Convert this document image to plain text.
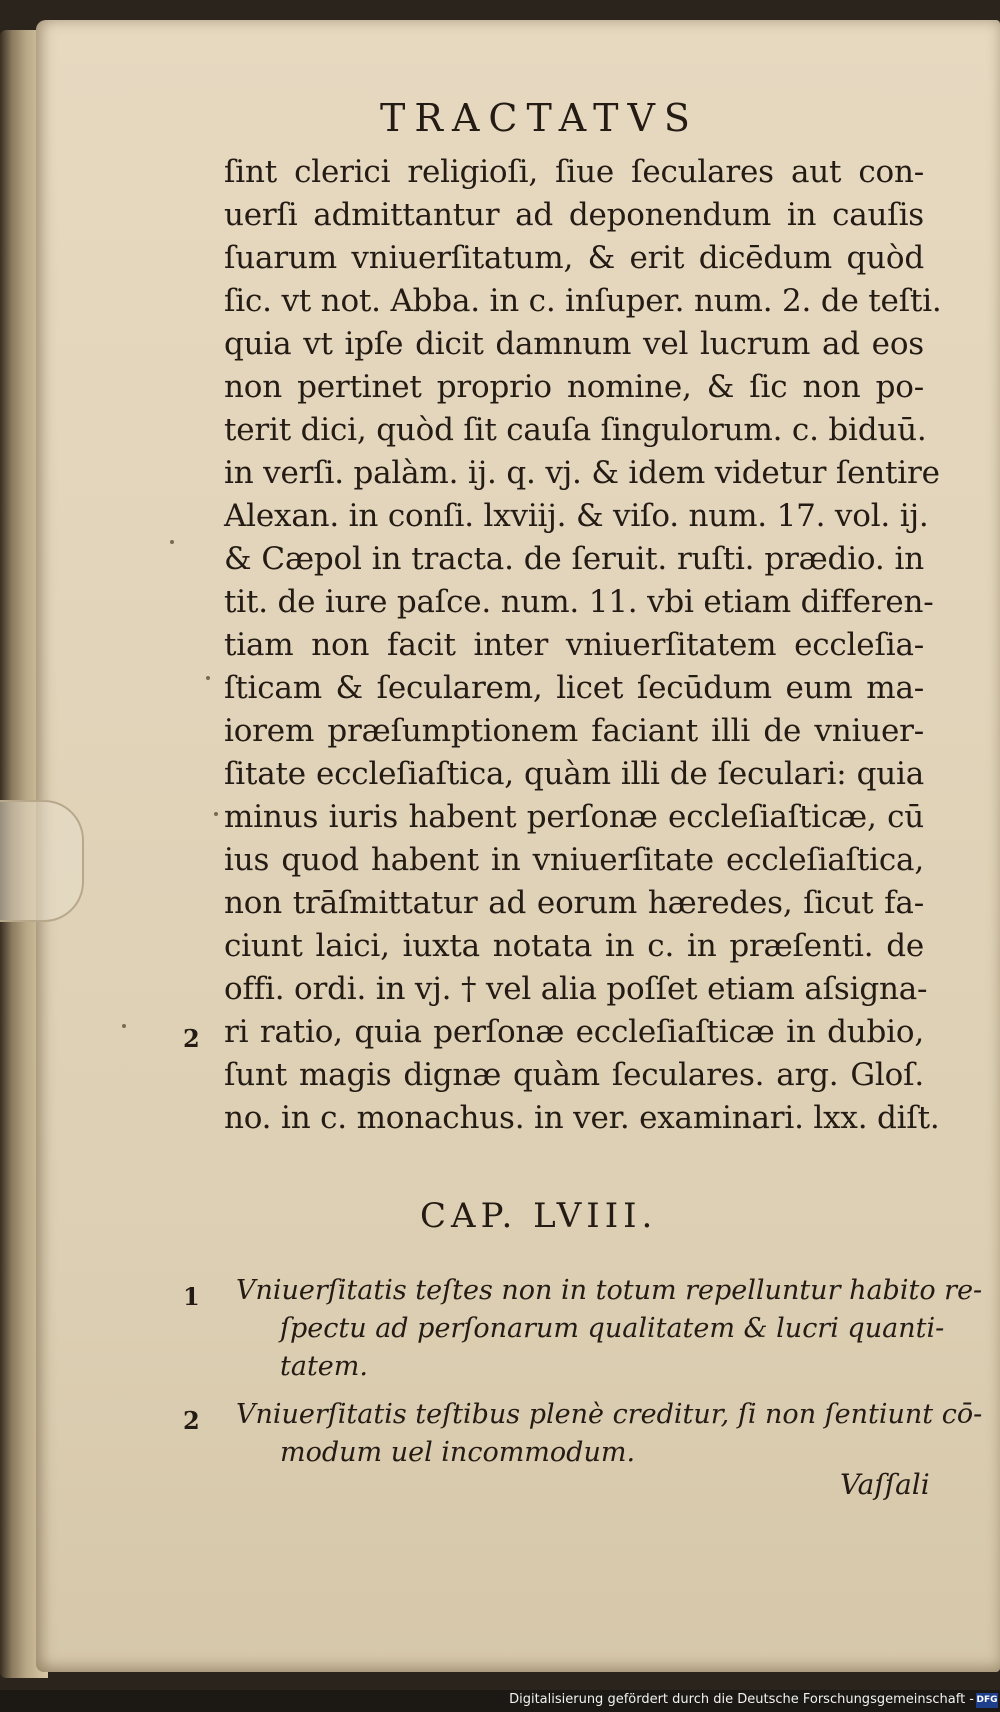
TRACTATVS
ſint clerici religioſi, ſiue ſeculares aut con-
uerſi admittantur ad deponendum in cauſis
ſuarum vniuerſitatum, & erit dicēdum quòd
ſic. vt not. Abba. in c. inſuper. num. 2. de teſti.
quia vt ipſe dicit damnum vel lucrum ad eos
non pertinet proprio nomine, & ſic non po-
terit dici, quòd ſit cauſa ſingulorum. c. biduū.
in verſi. palàm. ij. q. vj. & idem videtur ſentire
Alexan. in conſi. lxviij. & viſo. num. 17. vol. ij.
& Cæpol in tracta. de ſeruit. ruſti. prædio. in
tit. de iure paſce. num. 11. vbi etiam differen-
tiam non facit inter vniuerſitatem eccleſia-
ſticam & ſecularem, licet ſecūdum eum ma-
iorem præſumptionem faciant illi de vniuer-
ſitate eccleſiaſtica, quàm illi de ſeculari: quia
minus iuris habent perſonæ eccleſiaſticæ, cū
ius quod habent in vniuerſitate eccleſiaſtica,
non trāſmittatur ad eorum hæredes, ſicut fa-
ciunt laici, iuxta notata in c. in præſenti. de
offi. ordi. in vj. † vel alia poſſet etiam aſsigna-
ri ratio, quia perſonæ eccleſiaſticæ in dubio,
ſunt magis dignæ quàm ſeculares. arg. Gloſ.
no. in c. monachus. in ver. examinari. lxx. diſt.
2
CAP. LVIII.
1 Vniuerſitatis teſtes non in totum repelluntur habito re-
ſpectu ad perſonarum qualitatem & lucri quanti-
tatem.
2 Vniuerſitatis teſtibus plenè creditur, ſi non ſentiunt cō-
modum uel incommodum.
Vaſſali
Digitalisierung gefördert durch die Deutsche Forschungsgemeinschaft - DFG
